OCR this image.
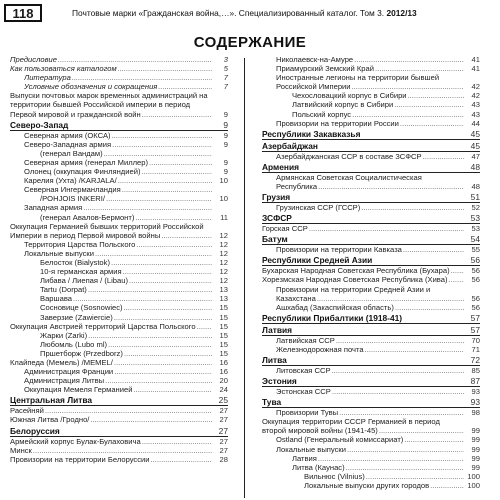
118	Почтовые марки «Гражданская война,…». Специализированный каталог. Том 3. 2012/13
СОДЕРЖАНИЕ
Предисловие .....	3
Как пользоваться каталогом .....	5
Литература .....	7
Условные обозначения и сокращения .....	7
Выпуски почтовых марок временных администраций на территории бывшей Российской империи в период Первой мировой и гражданской войн .....	9
Северо-Запад	9
Северная армия (ОКСА) .....	9
Северо-Западная армия .....	9
(генерал Вандам) .....
Северная армия (генерал Миллер) .....	9
Олонец (оккупация Финляндией) .....	9
Карелия (Ухта) /KARJALA/ .....	10
Северная Ингерманландия .....
/POHJOIS INKERI/ .....	10
Западная армия .....
(генерал Авалов-Бермонт) .....	11
Оккупация Германией бывших территорий Российской Империи в период Первой мировой войны .....	12
Территория Царства Польского .....	12
Локальные выпуски .....	12
Белосток (Bialystok) .....	12
10-я германская армия .....	12
Либава / Лиепая / (Libau) .....	12
Tartu (Dorpat) .....	13
Варшава .....	13
Сосновице (Sosnowiec) .....	15
Заверзие (Zawiercie) .....	15
Оккупация Австрией территорий Царства Польского .....	15
Жарки (Zarki) .....	15
Любомль (Lubo ml) .....	15
Пршетборж (Przedborz) .....	15
Клайпеда (Мемель) /MEMEL/ .....	16
Администрация Франции .....	16
Администрация Литвы .....	20
Оккупация Мемеля Германией .....	24
Центральная Литва	25
Расейняй .....	27
Южная Литва /Гродно/ .....	27
Белоруссия	27
Армейский корпус Булак-Булаховича .....	27
Минск .....	27
Провизории на территории Белоруссии .....	28
Николаевск-на-Амуре .....	41
Приамурский Земский Край .....	41
Иностранные легионы на территории бывшей Российской Империи .....	42
Чехословацкий корпус в Сибири .....	42
Латвийский корпус в Сибири .....	43
Польский корпус .....	43
Провизории на территории России .....	44
Республики Закавказья	45
Азербайджан	45
Азербайджанская ССР в составе ЗСФСР .....	47
Армения	48
Армянская Советская Социалистическая Республика .....	48
Грузия	51
Грузинская ССР (ГССР) .....	52
ЗСФСР	53
Горская ССР .....	53
Батум	54
Провизории на территории Кавказа .....	55
Республики Средней Азии	56
Бухарская Народная Советская Республика (Бухара) .....	56
Хорезмская Народная Советская Республика (Хива) .....	56
Провизории на территории Средней Азии и Казахстана .....	56
Ашхабад (Закаспийская область) .....	56
Республики Прибалтики (1918-41)	57
Латвия	57
Латвийская ССР .....	70
Железнодорожная почта .....	71
Литва	72
Литовская ССР .....	85
Эстония	87
Эстонская ССР .....	93
Тува	93
Провизории Тувы .....	98
Оккупация территории СССР Германией в период второй мировой войны (1941-45) .....	99
Ostland (Генеральный комиссариат) .....	99
Локальные выпуски .....	99
Латвия .....	99
Литва (Каунас) .....	99
Вильнюс (Vilnius) .....	100
Локальные выпуски других городов .....	100
